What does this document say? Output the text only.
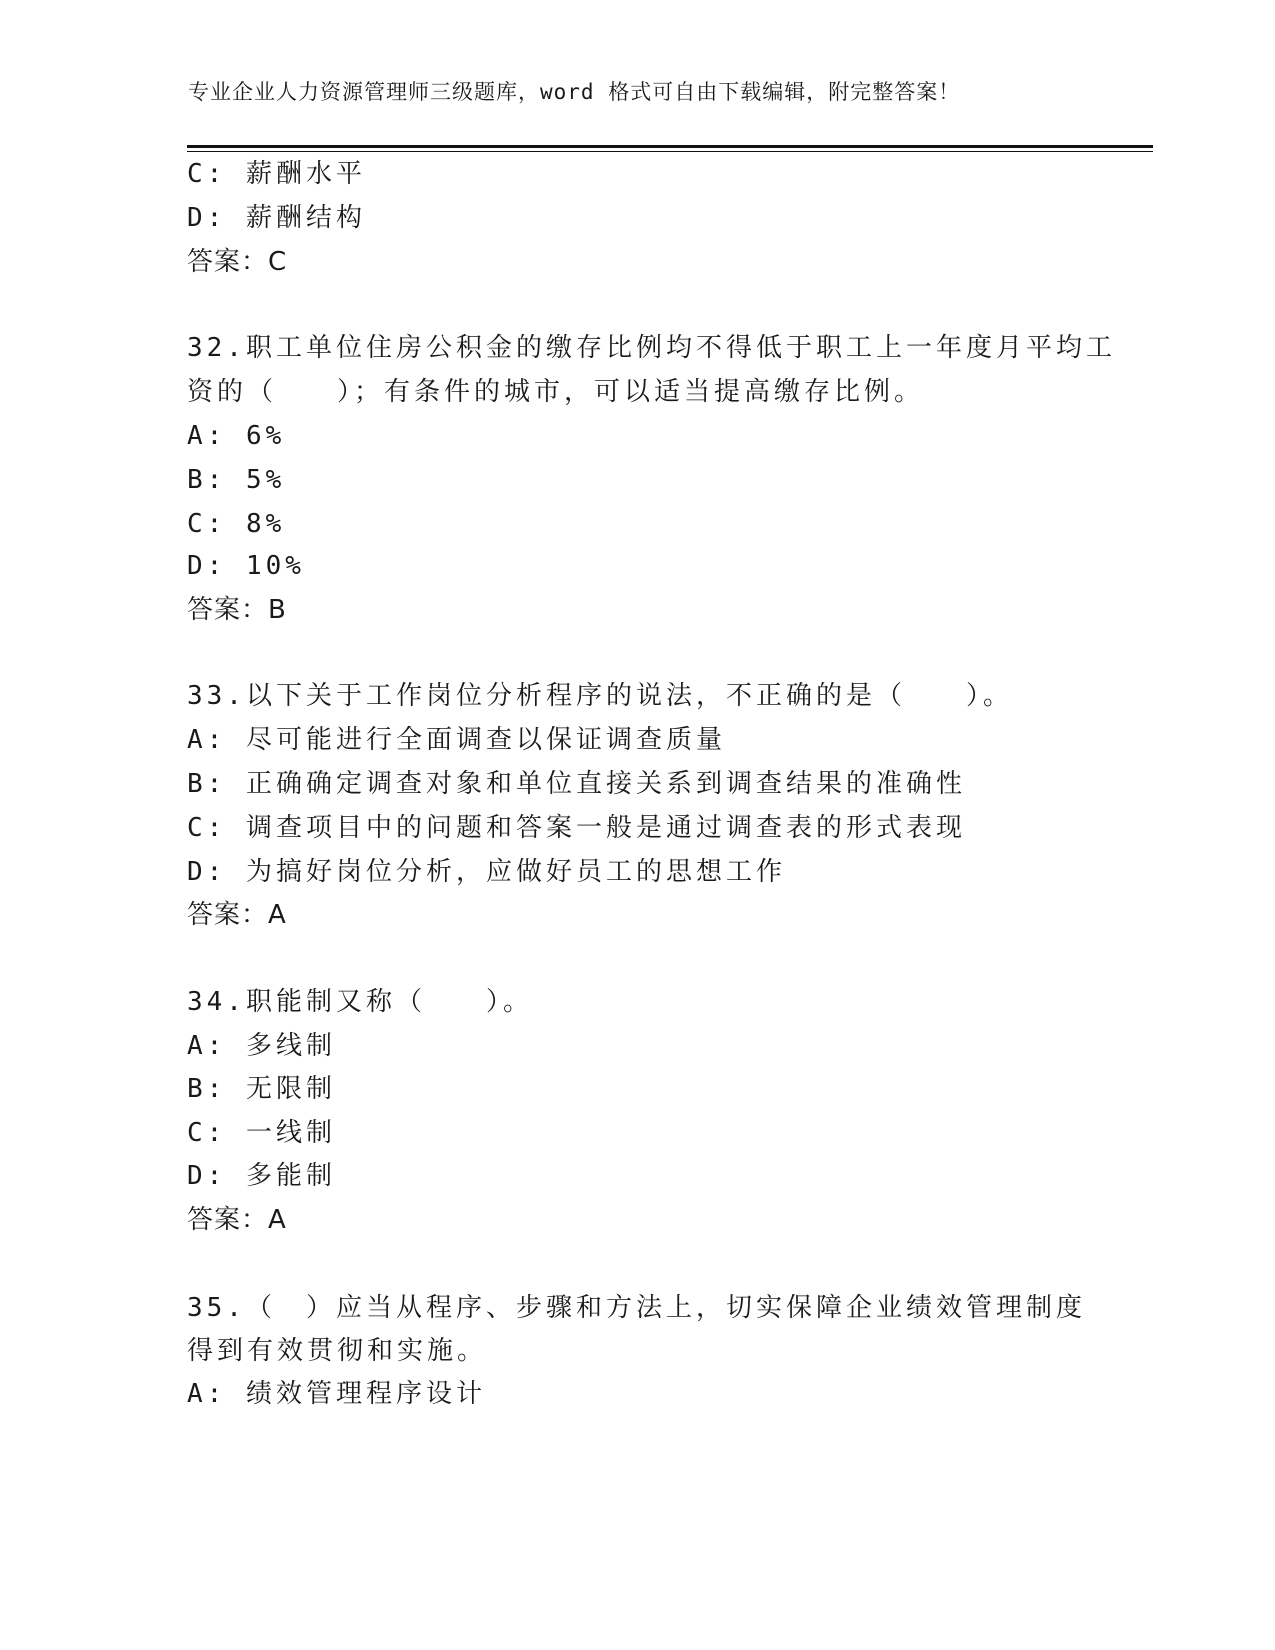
专业企业人力资源管理师三级题库，word 格式可自由下载编辑，附完整答案！
C: 薪酬水平
D: 薪酬结构
答案：C
32.职工单位住房公积金的缴存比例均不得低于职工上一年度月平均工
资的（　　）；有条件的城市，可以适当提高缴存比例。
A: 6%
B: 5%
C: 8%
D: 10%
答案：B
33.以下关于工作岗位分析程序的说法，不正确的是（　　）。
A: 尽可能进行全面调查以保证调查质量
B: 正确确定调查对象和单位直接关系到调查结果的准确性
C: 调查项目中的问题和答案一般是通过调查表的形式表现
D: 为搞好岗位分析，应做好员工的思想工作
答案：A
34.职能制又称（　　）。
A: 多线制
B: 无限制
C: 一线制
D: 多能制
答案：A
35.（　）应当从程序、步骤和方法上，切实保障企业绩效管理制度
得到有效贯彻和实施。
A: 绩效管理程序设计
